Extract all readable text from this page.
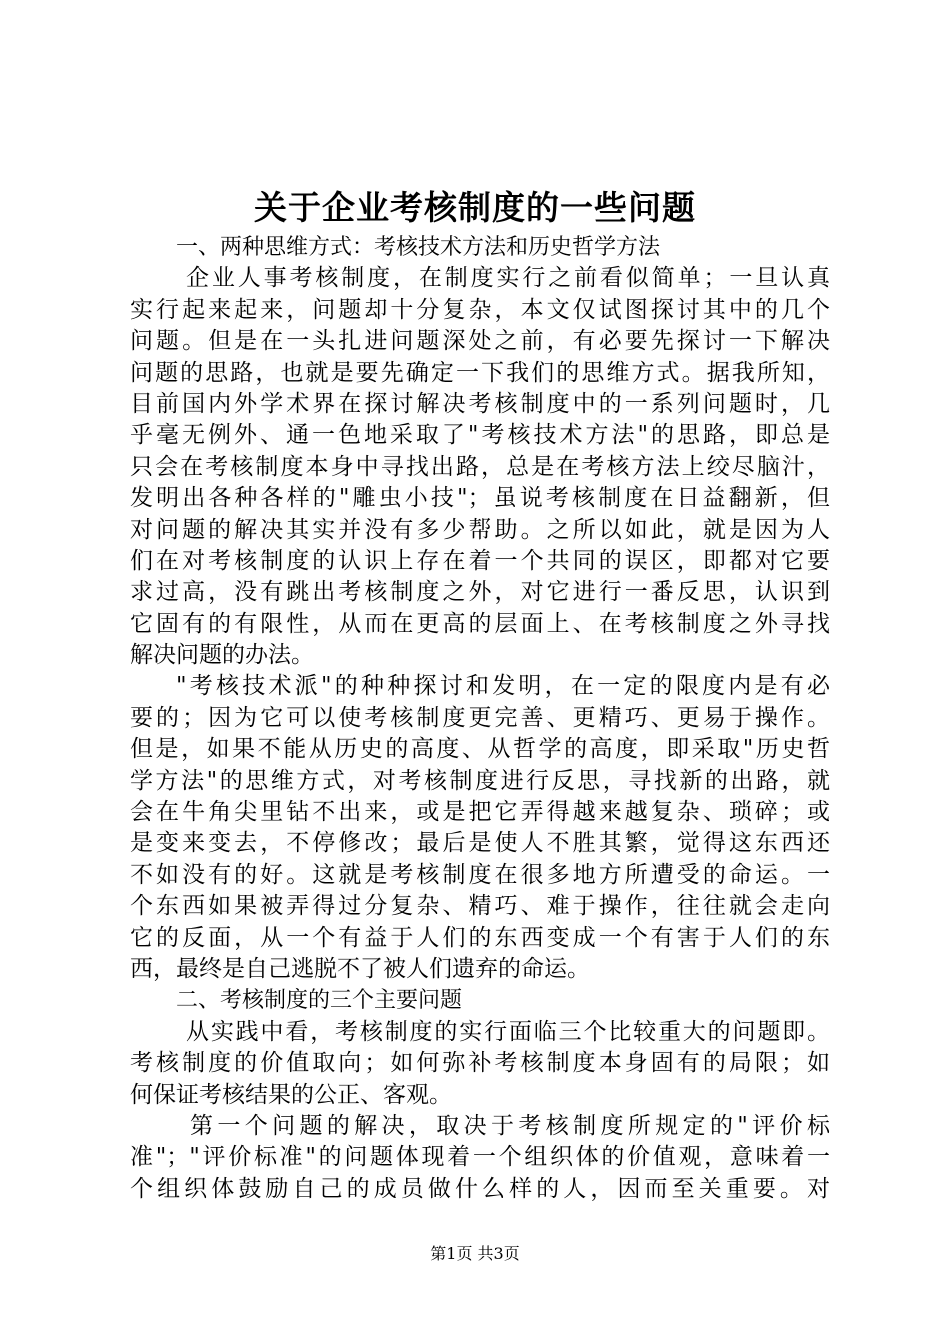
关于企业考核制度的一些问题
一、两种思维方式：考核技术方法和历史哲学方法
企业人事考核制度，在制度实行之前看似简单；一旦认真
实行起来起来，问题却十分复杂，本文仅试图探讨其中的几个
问题。但是在一头扎进问题深处之前，有必要先探讨一下解决
问题的思路，也就是要先确定一下我们的思维方式。据我所知，
目前国内外学术界在探讨解决考核制度中的一系列问题时，几
乎毫无例外、通一色地采取了"考核技术方法"的思路，即总是
只会在考核制度本身中寻找出路，总是在考核方法上绞尽脑汁，
发明出各种各样的"雕虫小技"；虽说考核制度在日益翻新，但
对问题的解决其实并没有多少帮助。之所以如此，就是因为人
们在对考核制度的认识上存在着一个共同的误区，即都对它要
求过高，没有跳出考核制度之外，对它进行一番反思，认识到
它固有的有限性，从而在更高的层面上、在考核制度之外寻找
解决问题的办法。
"考核技术派"的种种探讨和发明，在一定的限度内是有必
要的；因为它可以使考核制度更完善、更精巧、更易于操作。
但是，如果不能从历史的高度、从哲学的高度，即采取"历史哲
学方法"的思维方式，对考核制度进行反思，寻找新的出路，就
会在牛角尖里钻不出来，或是把它弄得越来越复杂、琐碎；或
是变来变去，不停修改；最后是使人不胜其繁，觉得这东西还
不如没有的好。这就是考核制度在很多地方所遭受的命运。一
个东西如果被弄得过分复杂、精巧、难于操作，往往就会走向
它的反面，从一个有益于人们的东西变成一个有害于人们的东
西，最终是自己逃脱不了被人们遗弃的命运。
二、考核制度的三个主要问题
从实践中看，考核制度的实行面临三个比较重大的问题即。
考核制度的价值取向；如何弥补考核制度本身固有的局限；如
何保证考核结果的公正、客观。
第一个问题的解决，取决于考核制度所规定的"评价标
准"；"评价标准"的问题体现着一个组织体的价值观，意味着一
个组织体鼓励自己的成员做什么样的人，因而至关重要。对
第1页 共3页
